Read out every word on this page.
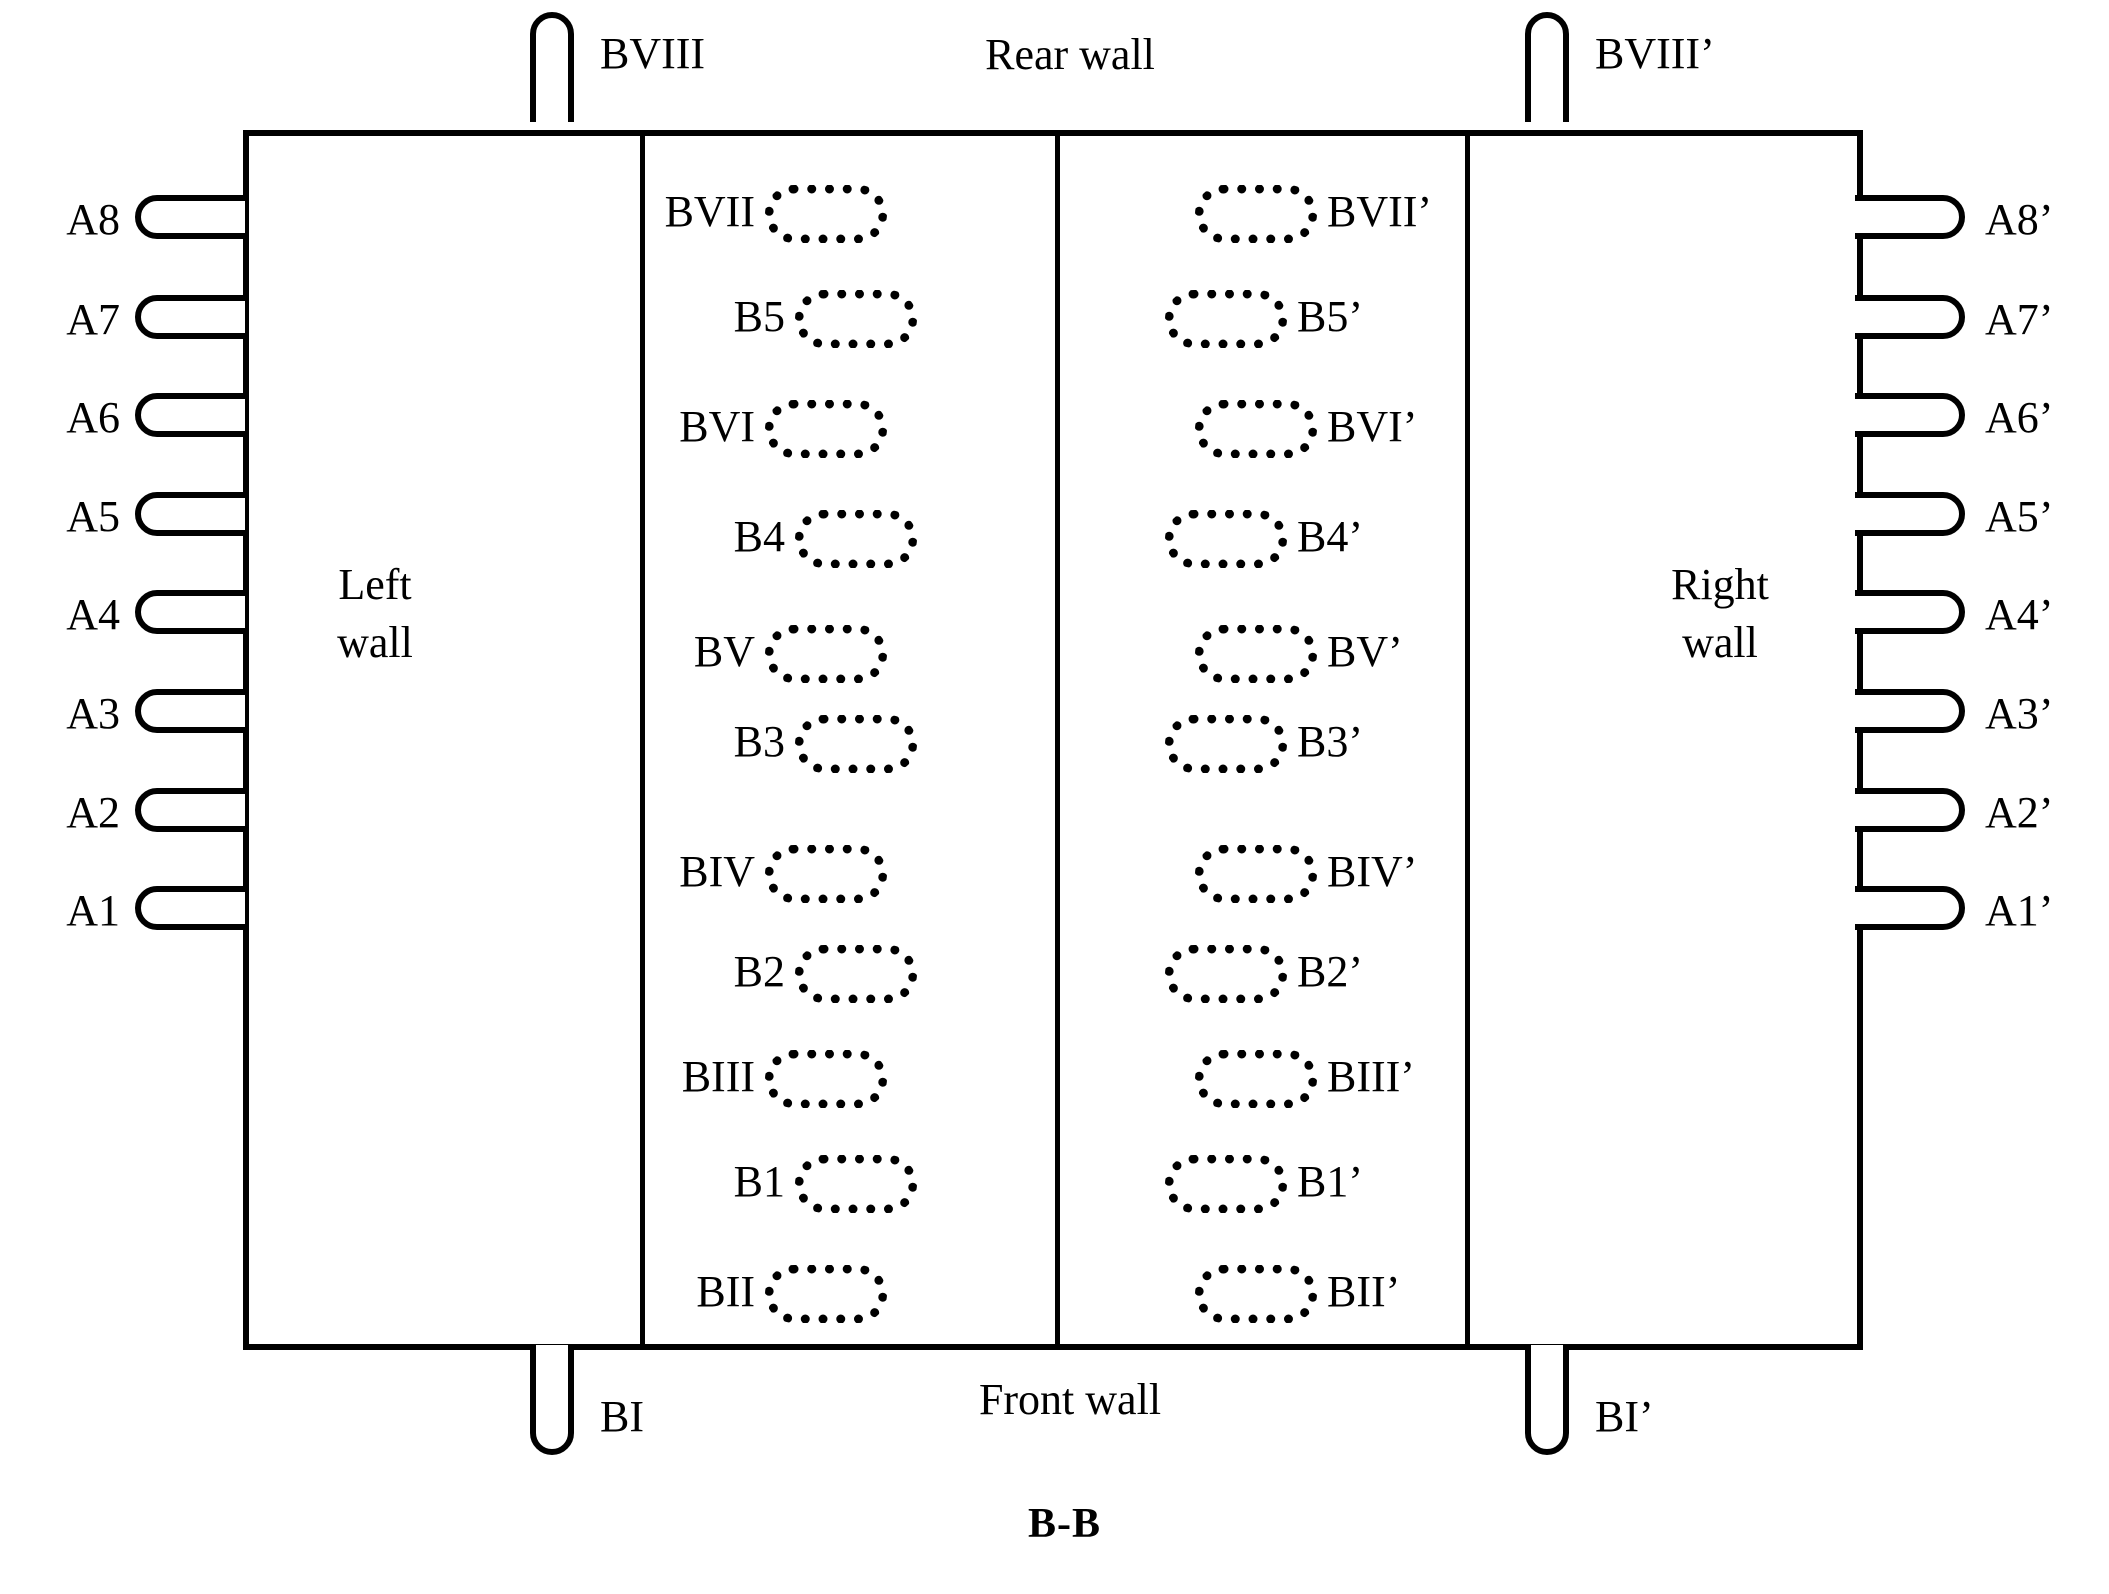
Rear wall
Front wall
Left
wall
Right
wall
A8
A7
A6
A5
A4
A3
A2
A1
A8’
A7’
A6’
A5’
A4’
A3’
A2’
A1’
BVIII	BVIII’
BI	BI’
BVII
B5
BVI
B4
BV
B3
BIV
B2
BIII
B1
BII
BVII’
B5’
BVI’
B4’
BV’
B3’
BIV’
B2’
BIII’
B1’
BII’
B-B
